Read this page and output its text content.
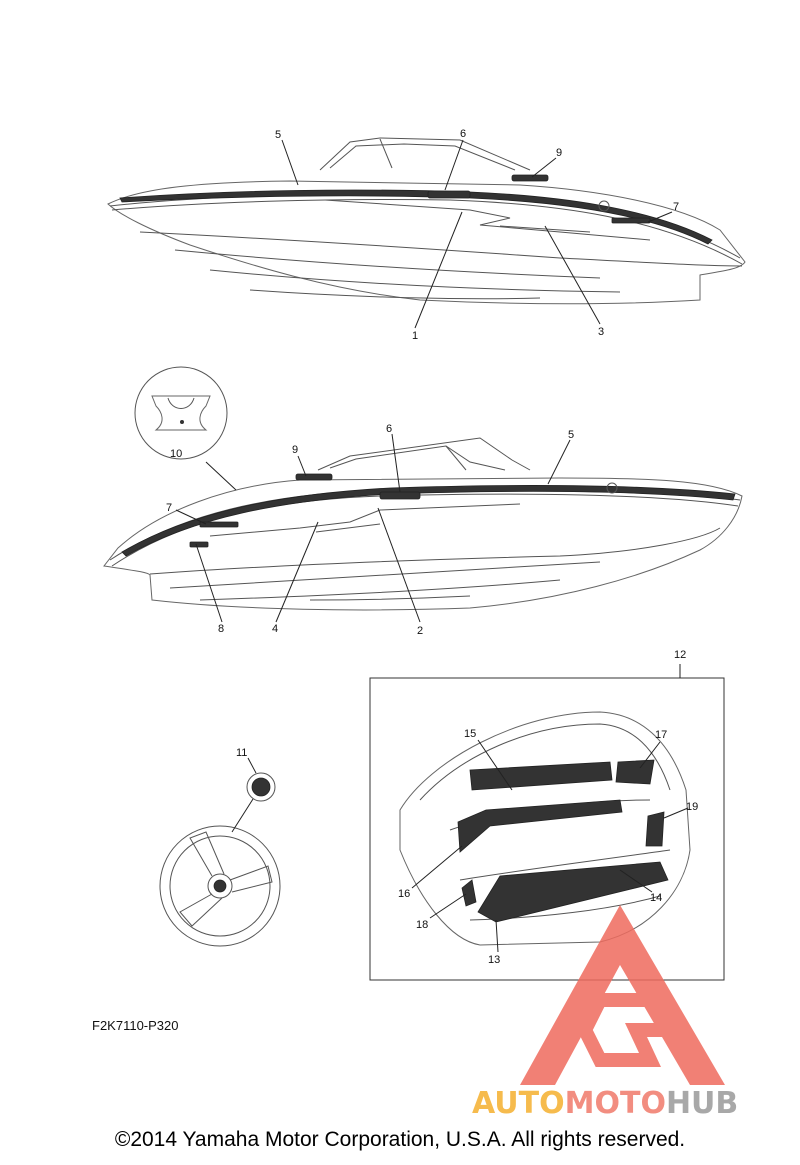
5	6
9
7
1	3
9
6	5
7
8	4	2
10
11
12
15	17
19
16	14
18
13
F2K7110-P320
AUTOMOTOHUB
©2014 Yamaha Motor Corporation, U.S.A. All rights reserved.
